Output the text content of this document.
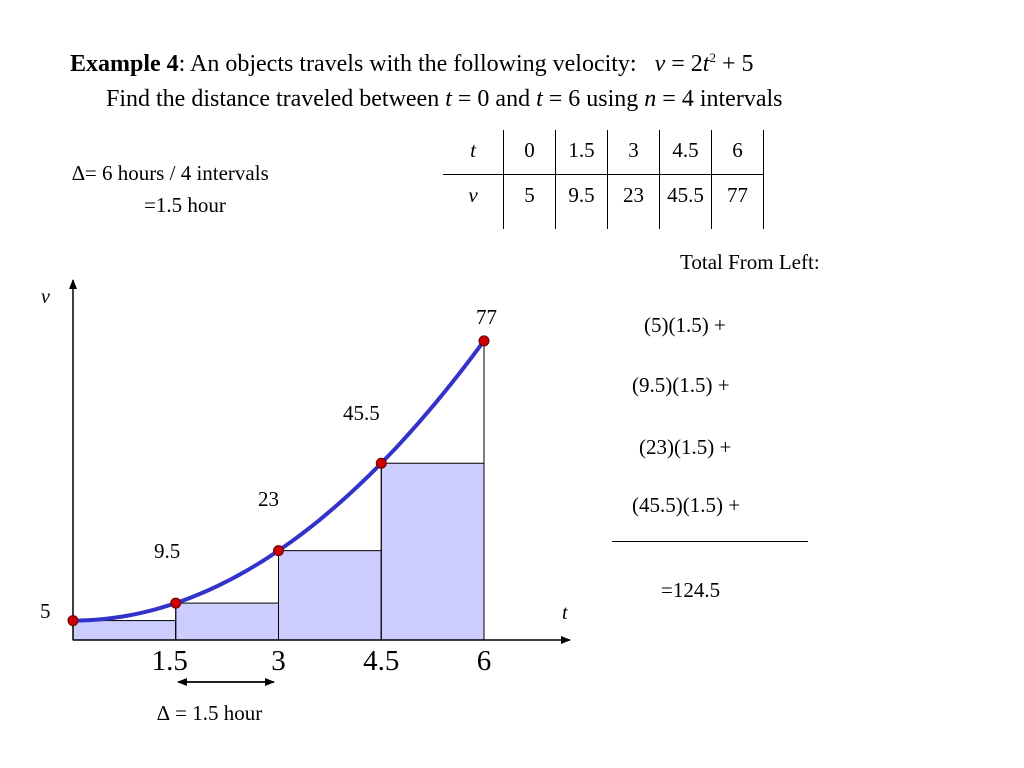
Example 4: An objects travels with the following velocity: $v = 2t^2 + 5$
Find the distance traveled between t = 0 and t = 6 using n = 4 intervals
∆= 6 hours / 4 intervals
=1.5 hour
t	0	1.5	3	4.5	6
v	5	9.5	23	45.5	77
Total From Left:
(5)(1.5) +
(9.5)(1.5) +
(23)(1.5) +
(45.5)(1.5) +
=124.5
5
9.5
23
45.5
77
1.5	3	4.5	6
v
t
∆ = 1.5 hour
